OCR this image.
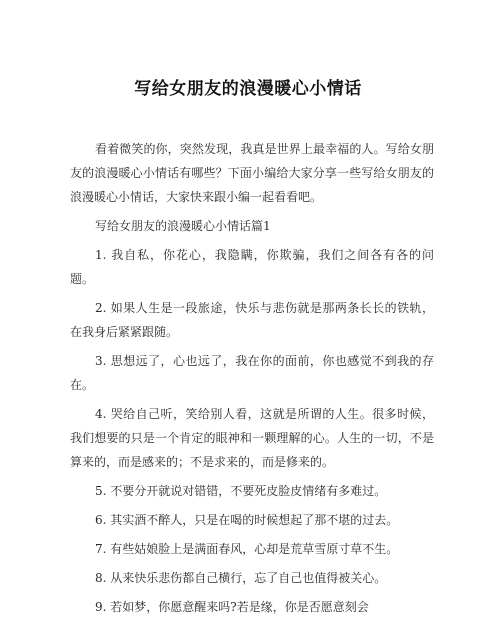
写给女朋友的浪漫暖心小情话

看着微笑的你，突然发现，我真是世界上最幸福的人。写给女朋友的浪漫暖心小情话有哪些？下面小编给大家分享一些写给女朋友的浪漫暖心小情话，大家快来跟小编一起看看吧。

写给女朋友的浪漫暖心小情话篇1

1. 我自私，你花心，我隐瞒，你欺骗，我们之间各有各的问题。

2. 如果人生是一段旅途，快乐与悲伤就是那两条长长的铁轨，在我身后紧紧跟随。

3. 思想远了，心也远了，我在你的面前，你也感觉不到我的存在。

4. 哭给自己听，笑给别人看，这就是所谓的人生。很多时候，我们想要的只是一个肯定的眼神和一颗理解的心。人生的一切，不是算来的，而是感来的；不是求来的，而是修来的。

5. 不要分开就说对错错，不要死皮脸皮情绪有多难过。

6. 其实酒不醉人，只是在喝的时候想起了那不堪的过去。

7. 有些姑娘脸上是满面春风，心却是荒草雪原寸草不生。

8. 从来快乐悲伤都自己横行，忘了自己也值得被关心。

9. 若如梦，你愿意醒来吗?若是缘，你是否愿意刻会
